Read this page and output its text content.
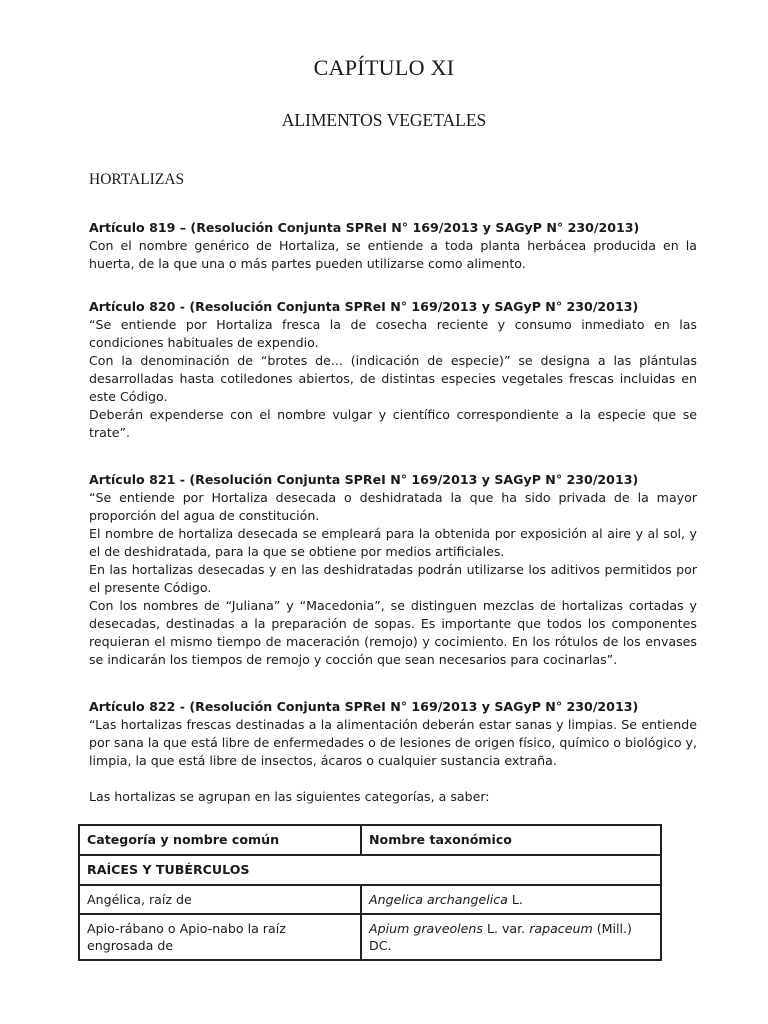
CAPÍTULO XI
ALIMENTOS VEGETALES
HORTALIZAS

Artículo 819 – (Resolución Conjunta SPReI N° 169/2013 y SAGyP N° 230/2013)

Con el nombre genérico de Hortaliza, se entiende a toda planta herbácea producida en la huerta, de la que una o más partes pueden utilizarse como alimento.

Artículo 820 - (Resolución Conjunta SPReI N° 169/2013 y SAGyP N° 230/2013)

“Se entiende por Hortaliza fresca la de cosecha reciente y consumo inmediato en las condiciones habituales de expendio.

Con la denominación de “brotes de... (indicación de especie)” se designa a las plántulas desarrolladas hasta cotiledones abiertos, de distintas especies vegetales frescas incluidas en este Código.

Deberán expenderse con el nombre vulgar y científico correspondiente a la especie que se trate”.

Artículo 821 - (Resolución Conjunta SPReI N° 169/2013 y SAGyP N° 230/2013)

“Se entiende por Hortaliza desecada o deshidratada la que ha sido privada de la mayor proporción del agua de constitución.

El nombre de hortaliza desecada se empleará para la obtenida por exposición al aire y al sol, y el de deshidratada, para la que se obtiene por medios artificiales.

En las hortalizas desecadas y en las deshidratadas podrán utilizarse los aditivos permitidos por el presente Código.

Con los nombres de “Juliana” y “Macedonia”, se distinguen mezclas de hortalizas cortadas y desecadas, destinadas a la preparación de sopas. Es importante que todos los componentes requieran el mismo tiempo de maceración (remojo) y cocimiento. En los rótulos de los envases se indicarán los tiempos de remojo y cocción que sean necesarios para cocinarlas”.

Artículo 822 - (Resolución Conjunta SPReI N° 169/2013 y SAGyP N° 230/2013)

“Las hortalizas frescas destinadas a la alimentación deberán estar sanas y limpias. Se entiende por sana la que está libre de enfermedades o de lesiones de origen físico, químico o biológico y, limpia, la que está libre de insectos, ácaros o cualquier sustancia extraña.

Las hortalizas se agrupan en las siguientes categorías, a saber:
Categoría y nombre común	Nombre taxonómico
RAÍCES Y TUBÉRCULOS	
Angélica, raíz de	Angelica archangelica L.
Apio-rábano o Apio-nabo la raíz engrosada de	Apium graveolens L. var. rapaceum (Mill.) DC.
